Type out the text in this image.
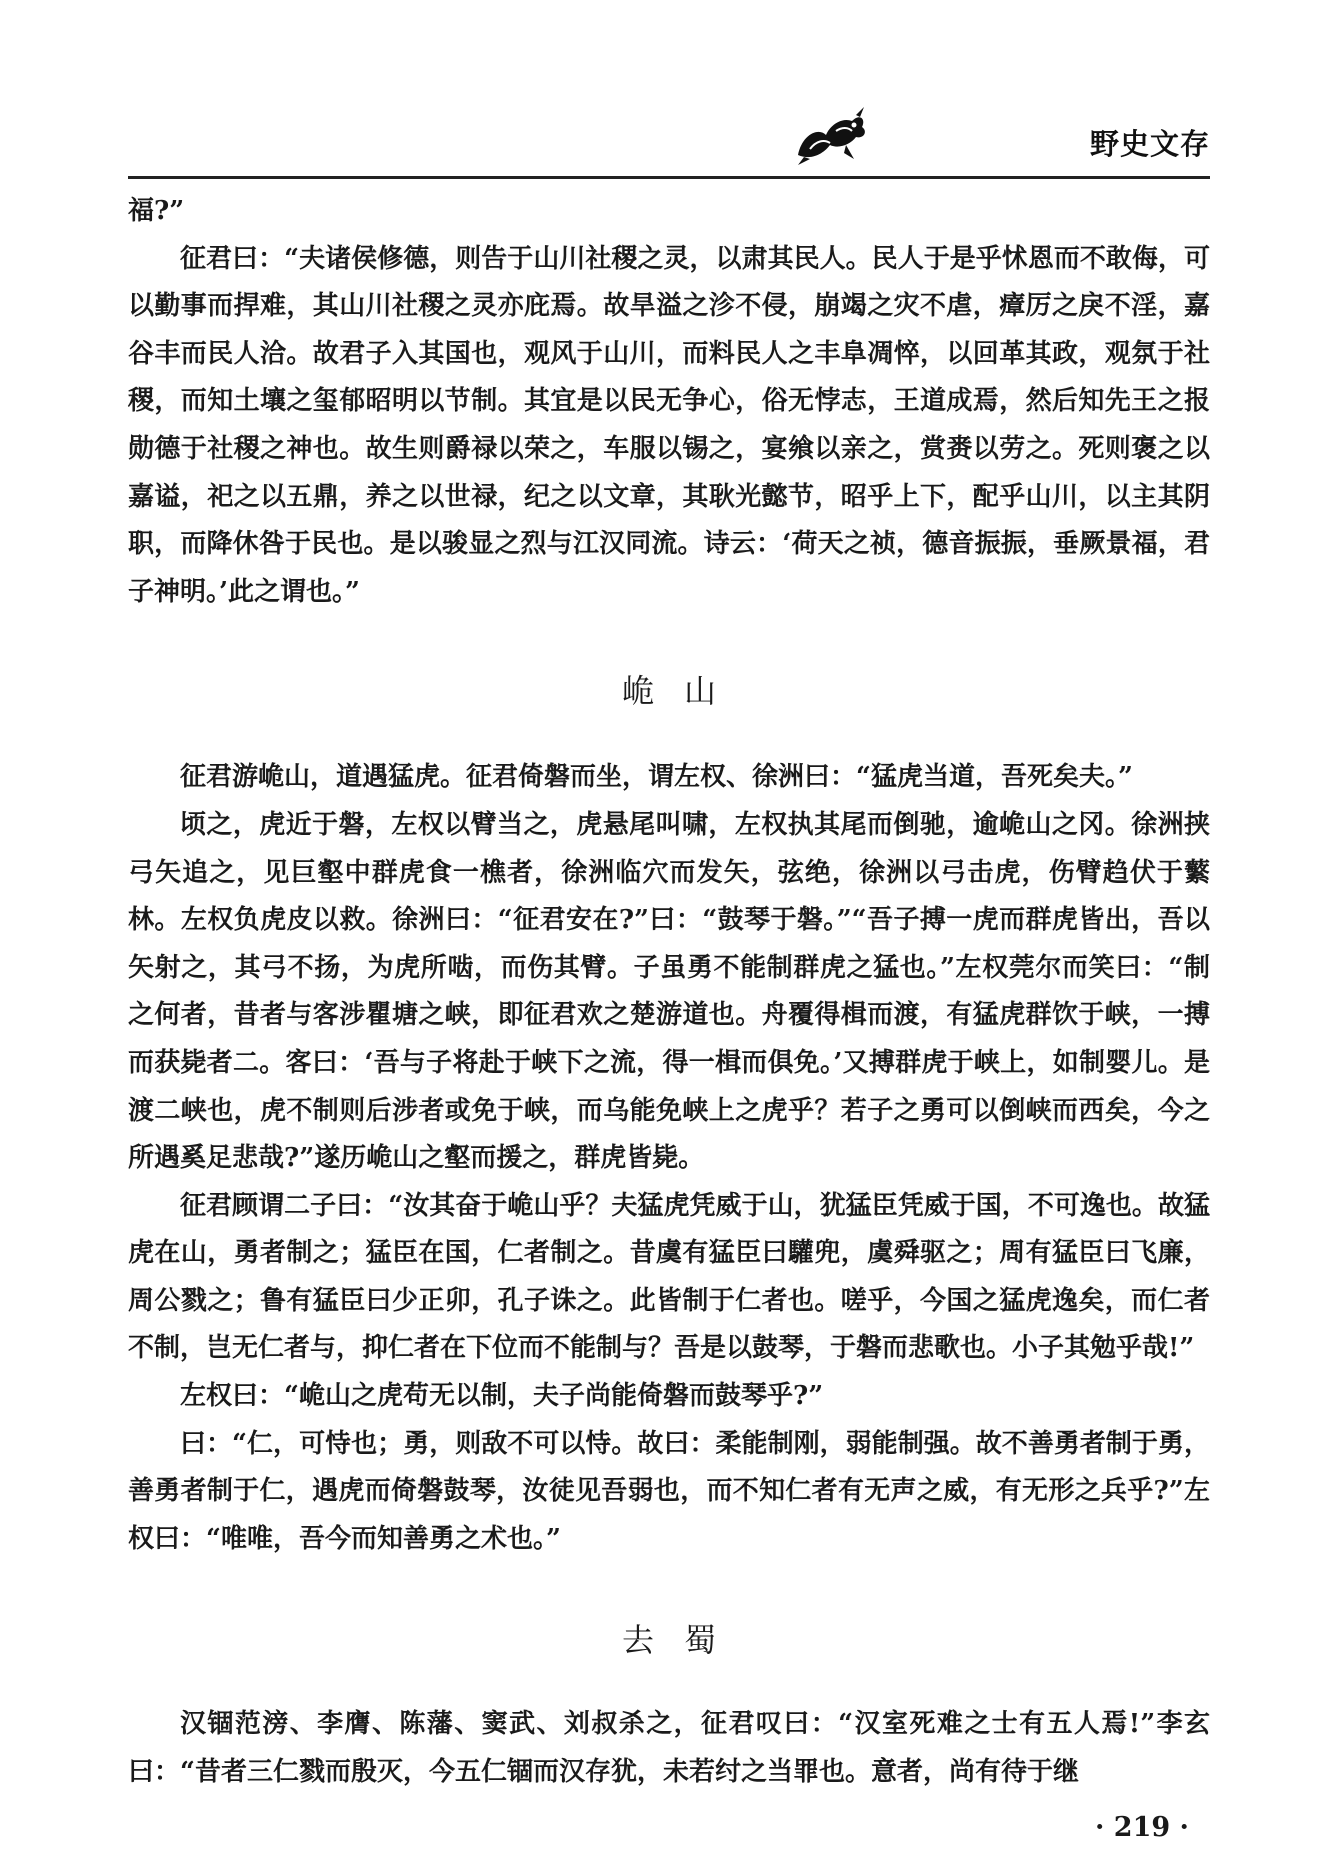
野史文存

福?”

征君曰：“夫诸侯修德，则告于山川社稷之灵，以肃其民人。民人于是乎怵恩而不敢侮，可以勤事而捍难，其山川社稷之灵亦庇焉。故旱溢之沴不侵，崩竭之灾不虐，瘴厉之戾不淫，嘉谷丰而民人洽。故君子入其国也，观风于山川，而料民人之丰阜凋悴，以回革其政，观氛于社稷，而知土壤之玺郁昭明以节制。其宜是以民无争心，俗无悖志，王道成焉，然后知先王之报勋德于社稷之神也。故生则爵禄以荣之，车服以锡之，宴飨以亲之，赏赉以劳之。死则褒之以嘉谥，祀之以五鼎，养之以世禄，纪之以文章，其耿光懿节，昭乎上下，配乎山川，以主其阴职，而降休咎于民也。是以骏显之烈与江汉同流。诗云：‘荷天之祯，德音振振，垂厥景福，君子神明。’此之谓也。”

峗山

征君游峗山，道遇猛虎。征君倚磐而坐，谓左权、徐洲曰：“猛虎当道，吾死矣夫。”

顷之，虎近于磐，左权以臂当之，虎悬尾叫啸，左权执其尾而倒驰，逾峗山之冈。徐洲挟弓矢追之，见巨壑中群虎食一樵者，徐洲临穴而发矢，弦绝，徐洲以弓击虎，伤臂趋伏于蘩林。左权负虎皮以救。徐洲曰：“征君安在?”曰：“鼓琴于磐。”“吾子搏一虎而群虎皆出，吾以矢射之，其弓不扬，为虎所啮，而伤其臂。子虽勇不能制群虎之猛也。”左权莞尔而笑曰：“制之何者，昔者与客涉瞿塘之峡，即征君欢之楚游道也。舟覆得楫而渡，有猛虎群饮于峡，一搏而获毙者二。客曰：‘吾与子将赴于峡下之流，得一楫而俱免。’又搏群虎于峡上，如制婴儿。是渡二峡也，虎不制则后涉者或免于峡，而乌能免峡上之虎乎？若子之勇可以倒峡而西矣，今之所遇奚足悲哉?”遂历峗山之壑而援之，群虎皆毙。

征君顾谓二子曰：“汝其奋于峗山乎？夫猛虎凭威于山，犹猛臣凭威于国，不可逸也。故猛虎在山，勇者制之；猛臣在国，仁者制之。昔虞有猛臣曰驩兜，虞舜驱之；周有猛臣曰飞廉，周公戮之；鲁有猛臣曰少正卯，孔子诛之。此皆制于仁者也。嗟乎，今国之猛虎逸矣，而仁者不制，岂无仁者与，抑仁者在下位而不能制与？吾是以鼓琴，于磐而悲歌也。小子其勉乎哉!”

左权曰：“峗山之虎苟无以制，夫子尚能倚磐而鼓琴乎?”

曰：“仁，可恃也；勇，则敌不可以恃。故曰：柔能制刚，弱能制强。故不善勇者制于勇，善勇者制于仁，遇虎而倚磐鼓琴，汝徒见吾弱也，而不知仁者有无声之威，有无形之兵乎?”左权曰：“唯唯，吾今而知善勇之术也。”

去蜀

汉锢范滂、李膺、陈藩、窦武、刘叔杀之，征君叹曰：“汉室死难之士有五人焉!”李玄曰：“昔者三仁戮而殷灭，今五仁锢而汉存犹，未若纣之当罪也。意者，尚有待于继

· 219 ·
